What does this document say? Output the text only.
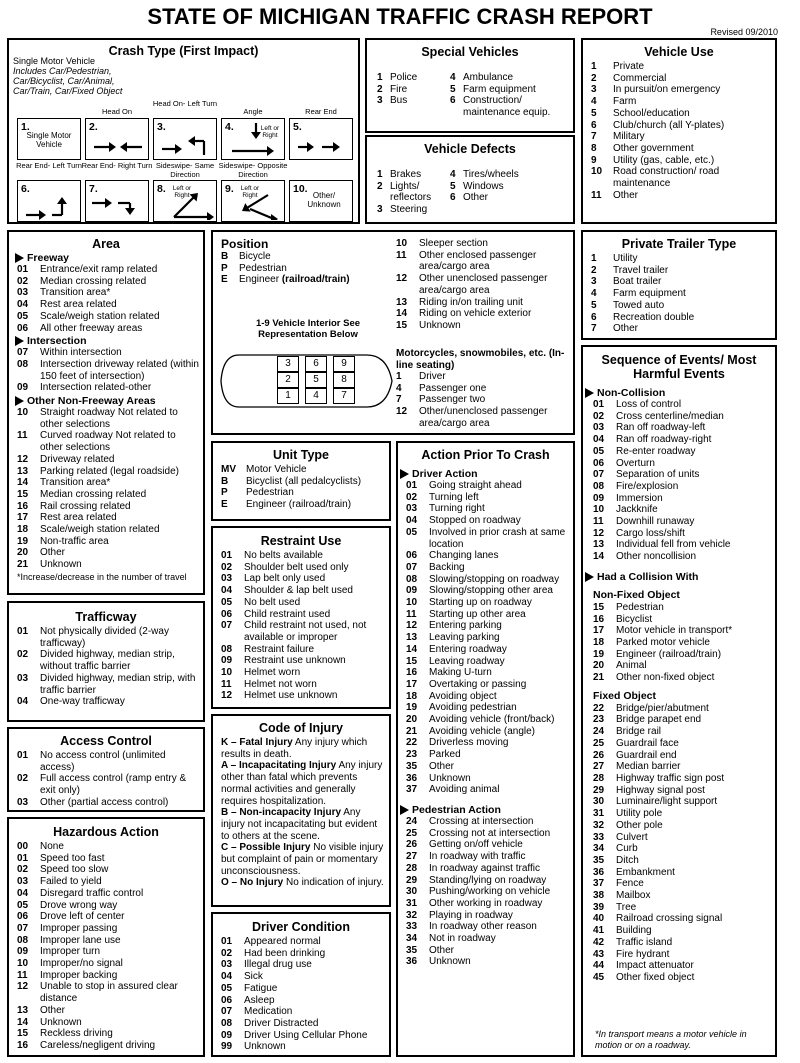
STATE OF MICHIGAN TRAFFIC CRASH REPORT
Revised 09/2010
Crash Type (First Impact)
Single Motor Vehicle
Includes Car/Pedestrian, Car/Bicyclist, Car/Animal, Car/Train, Car/Fixed Object
1.
Single Motor Vehicle
2.
Head On
3.
Head On- Left Turn
4.	Left or Right
Angle
5.
Rear End
6.
Rear End- Left Turn
7.
Rear End- Right Turn
8.	Left or Right
Sideswipe- Same Direction
9.	Left or Right
Sideswipe- Opposite Direction
10.
Other/ Unknown
Special Vehicles
1 Police
2 Fire
3 Bus
4 Ambulance
5 Farm equipment
6 Construction/ maintenance equip.
Vehicle Defects
1 Brakes
2 Lights/ reflectors
3 Steering
4 Tires/wheels
5 Windows
6 Other
Vehicle Use
1	Private
2	Commercial
3	In pursuit/on emergency
4	Farm
5	School/education
6	Club/church (all Y-plates)
7	Military
8	Other government
9	Utility (gas, cable, etc.)
10	Road construction/ road maintenance
11	Other
Area
Freeway
01	Entrance/exit ramp related
02	Median crossing related
03	Transition area*
04	Rest area related
05	Scale/weigh station related
06	All other freeway areas
Intersection
07	Within intersection
08	Intersection driveway related (within 150 feet of intersection)
09	Intersection related-other
Other Non-Freeway Areas
10	Straight roadway Not related to other selections
11	Curved roadway Not related to other selections
12	Driveway related
13	Parking related (legal roadside)
14	Transition area*
15	Median crossing related
16	Rail crossing related
17	Rest area related
18	Scale/weigh station related
19	Non-traffic area
20	Other
21	Unknown
*Increase/decrease in the number of travel
Trafficway
01	Not physically divided (2-way trafficway)
02	Divided highway, median strip, without traffic barrier
03	Divided highway, median strip, with traffic barrier
04	One-way trafficway
Access Control
01	No access control (unlimited access)
02	Full access control (ramp entry & exit only)
03	Other (partial access control)
Hazardous Action
00	None
01	Speed too fast
02	Speed too slow
03	Failed to yield
04	Disregard traffic control
05	Drove wrong way
06	Drove left of center
07	Improper passing
08	Improper lane use
09	Improper turn
10	Improper/no signal
11	Improper backing
12	Unable to stop in assured clear distance
13	Other
14	Unknown
15	Reckless driving
16	Careless/negligent driving
Position
B	Bicycle
P	Pedestrian
E	Engineer (railroad/train)
1-9 Vehicle Interior See Representation Below
3	6	9
2	5	8
1	4	7
10	Sleeper section
11	Other enclosed passenger area/cargo area
12	Other unenclosed passenger area/cargo area
13	Riding in/on trailing unit
14	Riding on vehicle exterior
15	Unknown
Motorcycles, snowmobiles, etc. (In-line seating)
1	Driver
4	Passenger one
7	Passenger two
12	Other/unenclosed passenger area/cargo area
Private Trailer Type
1	Utility
2	Travel trailer
3	Boat trailer
4	Farm equipment
5	Towed auto
6	Recreation double
7	Other
Unit Type
MV	Motor Vehicle
B	Bicyclist (all pedalcyclists)
P	Pedestrian
E	Engineer (railroad/train)
Restraint Use
01	No belts available
02	Shoulder belt used only
03	Lap belt only used
04	Shoulder & lap belt used
05	No belt used
06	Child restraint used
07	Child restraint not used, not available or improper
08	Restraint failure
09	Restraint use unknown
10	Helmet worn
11	Helmet not worn
12	Helmet use unknown
Code of Injury
K – Fatal Injury Any injury which results in death.
A – Incapacitating Injury Any injury other than fatal which prevents normal activities and generally requires hospitalization.
B – Non-incapacity Injury Any injury not incapacitating but evident to others at the scene.
C – Possible Injury No visible injury but complaint of pain or momentary unconsciousness.
O – No Injury No indication of injury.
Driver Condition
01	Appeared normal
02	Had been drinking
03	Illegal drug use
04	Sick
05	Fatigue
06	Asleep
07	Medication
08	Driver Distracted
09	Driver Using Cellular Phone
99	Unknown
Action Prior To Crash
Driver Action
01	Going straight ahead
02	Turning left
03	Turning right
04	Stopped on roadway
05	Involved in prior crash at same location
06	Changing lanes
07	Backing
08	Slowing/stopping on roadway
09	Slowing/stopping other area
10	Starting up on roadway
11	Starting up other area
12	Entering parking
13	Leaving parking
14	Entering roadway
15	Leaving roadway
16	Making U-turn
17	Overtaking or passing
18	Avoiding object
19	Avoiding pedestrian
20	Avoiding vehicle (front/back)
21	Avoiding vehicle (angle)
22	Driverless moving
23	Parked
35	Other
36	Unknown
37	Avoiding animal
Pedestrian Action
24	Crossing at intersection
25	Crossing not at intersection
26	Getting on/off vehicle
27	In roadway with traffic
28	In roadway against traffic
29	Standing/lying on roadway
30	Pushing/working on vehicle
31	Other working in roadway
32	Playing in roadway
33	In roadway other reason
34	Not in roadway
35	Other
36	Unknown
Sequence of Events/ Most Harmful Events
Non-Collision
01	Loss of control
02	Cross centerline/median
03	Ran off roadway-left
04	Ran off roadway-right
05	Re-enter roadway
06	Overturn
07	Separation of units
08	Fire/explosion
09	Immersion
10	Jackknife
11	Downhill runaway
12	Cargo loss/shift
13	Individual fell from vehicle
14	Other noncollision
Had a Collision With
Non-Fixed Object
15	Pedestrian
16	Bicyclist
17	Motor vehicle in transport*
18	Parked motor vehicle
19	Engineer (railroad/train)
20	Animal
21	Other non-fixed object
Fixed Object
22	Bridge/pier/abutment
23	Bridge parapet end
24	Bridge rail
25	Guardrail face
26	Guardrail end
27	Median barrier
28	Highway traffic sign post
29	Highway signal post
30	Luminaire/light support
31	Utility pole
32	Other pole
33	Culvert
34	Curb
35	Ditch
36	Embankment
37	Fence
38	Mailbox
39	Tree
40	Railroad crossing signal
41	Building
42	Traffic island
43	Fire hydrant
44	Impact attenuator
45	Other fixed object
*In transport means a motor vehicle in motion or on a roadway.
